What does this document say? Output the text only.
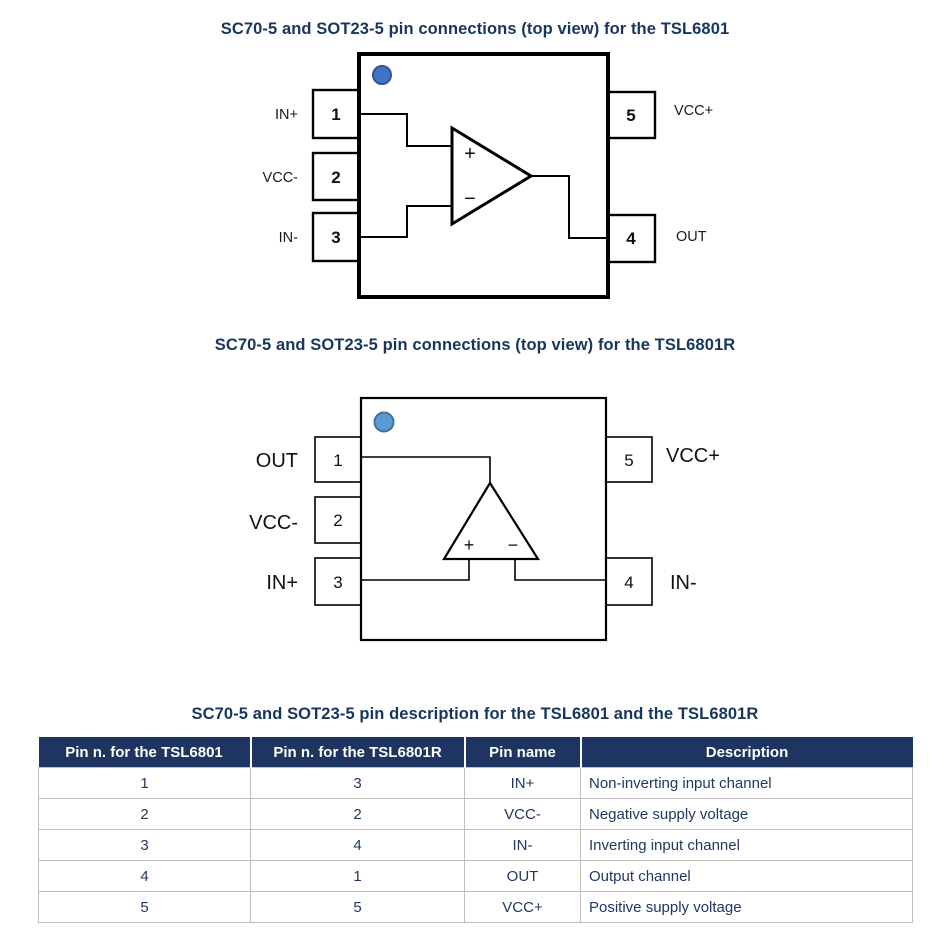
SC70-5 and SOT23-5 pin connections (top view) for the TSL6801
+
−
1
2
3
5
4
IN+
VCC-
IN-
VCC+
OUT
SC70-5 and SOT23-5 pin connections (top view) for the TSL6801R
+ −
1
2
3
5
4
OUT
VCC-
IN+
VCC+
IN-
SC70-5 and SOT23-5 pin description for the TSL6801 and the TSL6801R
Pin n. for the TSL6801	Pin n. for the TSL6801R	Pin name	Description
1	3	IN+	Non-inverting input channel
2	2	VCC-	Negative supply voltage
3	4	IN-	Inverting input channel
4	1	OUT	Output channel
5	5	VCC+	Positive supply voltage
